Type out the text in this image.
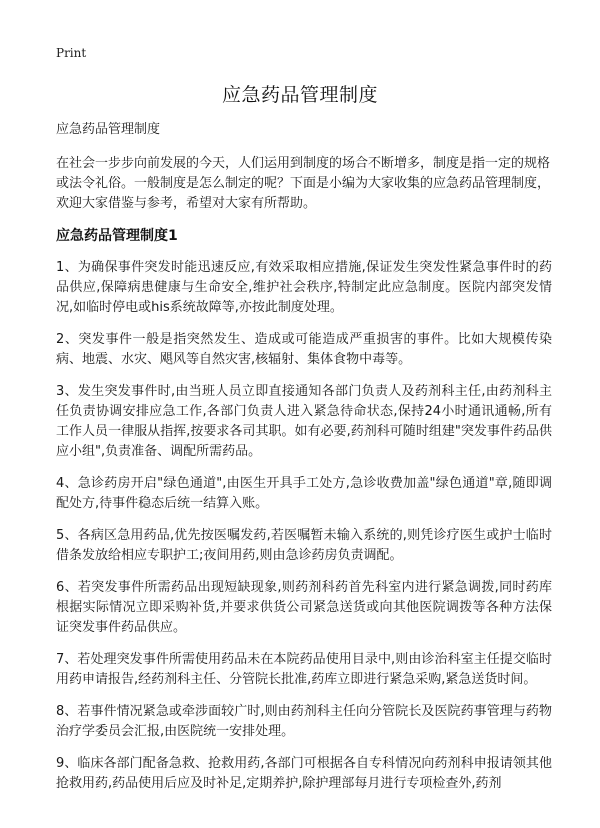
Print
应急药品管理制度

应急药品管理制度

在社会一步步向前发展的今天，人们运用到制度的场合不断增多，制度是指一定的规格或法令礼俗。一般制度是怎么制定的呢？下面是小编为大家收集的应急药品管理制度，欢迎大家借鉴与参考，希望对大家有所帮助。

应急药品管理制度1

1、为确保事件突发时能迅速反应,有效采取相应措施,保证发生突发性紧急事件时的药品供应,保障病患健康与生命安全,维护社会秩序,特制定此应急制度。医院内部突发情况,如临时停电或his系统故障等,亦按此制度处理。

2、突发事件一般是指突然发生、造成或可能造成严重损害的事件。比如大规模传染病、地震、水灾、飓风等自然灾害,核辐射、集体食物中毒等。

3、发生突发事件时,由当班人员立即直接通知各部门负责人及药剂科主任,由药剂科主任负责协调安排应急工作,各部门负责人进入紧急待命状态,保持24小时通讯通畅,所有工作人员一律服从指挥,按要求各司其职。如有必要,药剂科可随时组建"突发事件药品供应小组",负责准备、调配所需药品。

4、急诊药房开启"绿色通道",由医生开具手工处方,急诊收费加盖"绿色通道"章,随即调配处方,待事件稳态后统一结算入账。

5、各病区急用药品,优先按医嘱发药,若医嘱暂未输入系统的,则凭诊疗医生或护士临时借条发放给相应专职护工;夜间用药,则由急诊药房负责调配。

6、若突发事件所需药品出现短缺现象,则药剂科药首先科室内进行紧急调拨,同时药库根据实际情况立即采购补货,并要求供货公司紧急送货或向其他医院调拨等各种方法保证突发事件药品供应。

7、若处理突发事件所需使用药品未在本院药品使用目录中,则由诊治科室主任提交临时用药申请报告,经药剂科主任、分管院长批准,药库立即进行紧急采购,紧急送货时间。

8、若事件情况紧急或牵涉面较广时,则由药剂科主任向分管院长及医院药事管理与药物治疗学委员会汇报,由医院统一安排处理。

9、临床各部门配备急救、抢救用药,各部门可根据各自专科情况向药剂科申报请领其他抢救用药,药品使用后应及时补足,定期养护,除护理部每月进行专项检查外,药剂
